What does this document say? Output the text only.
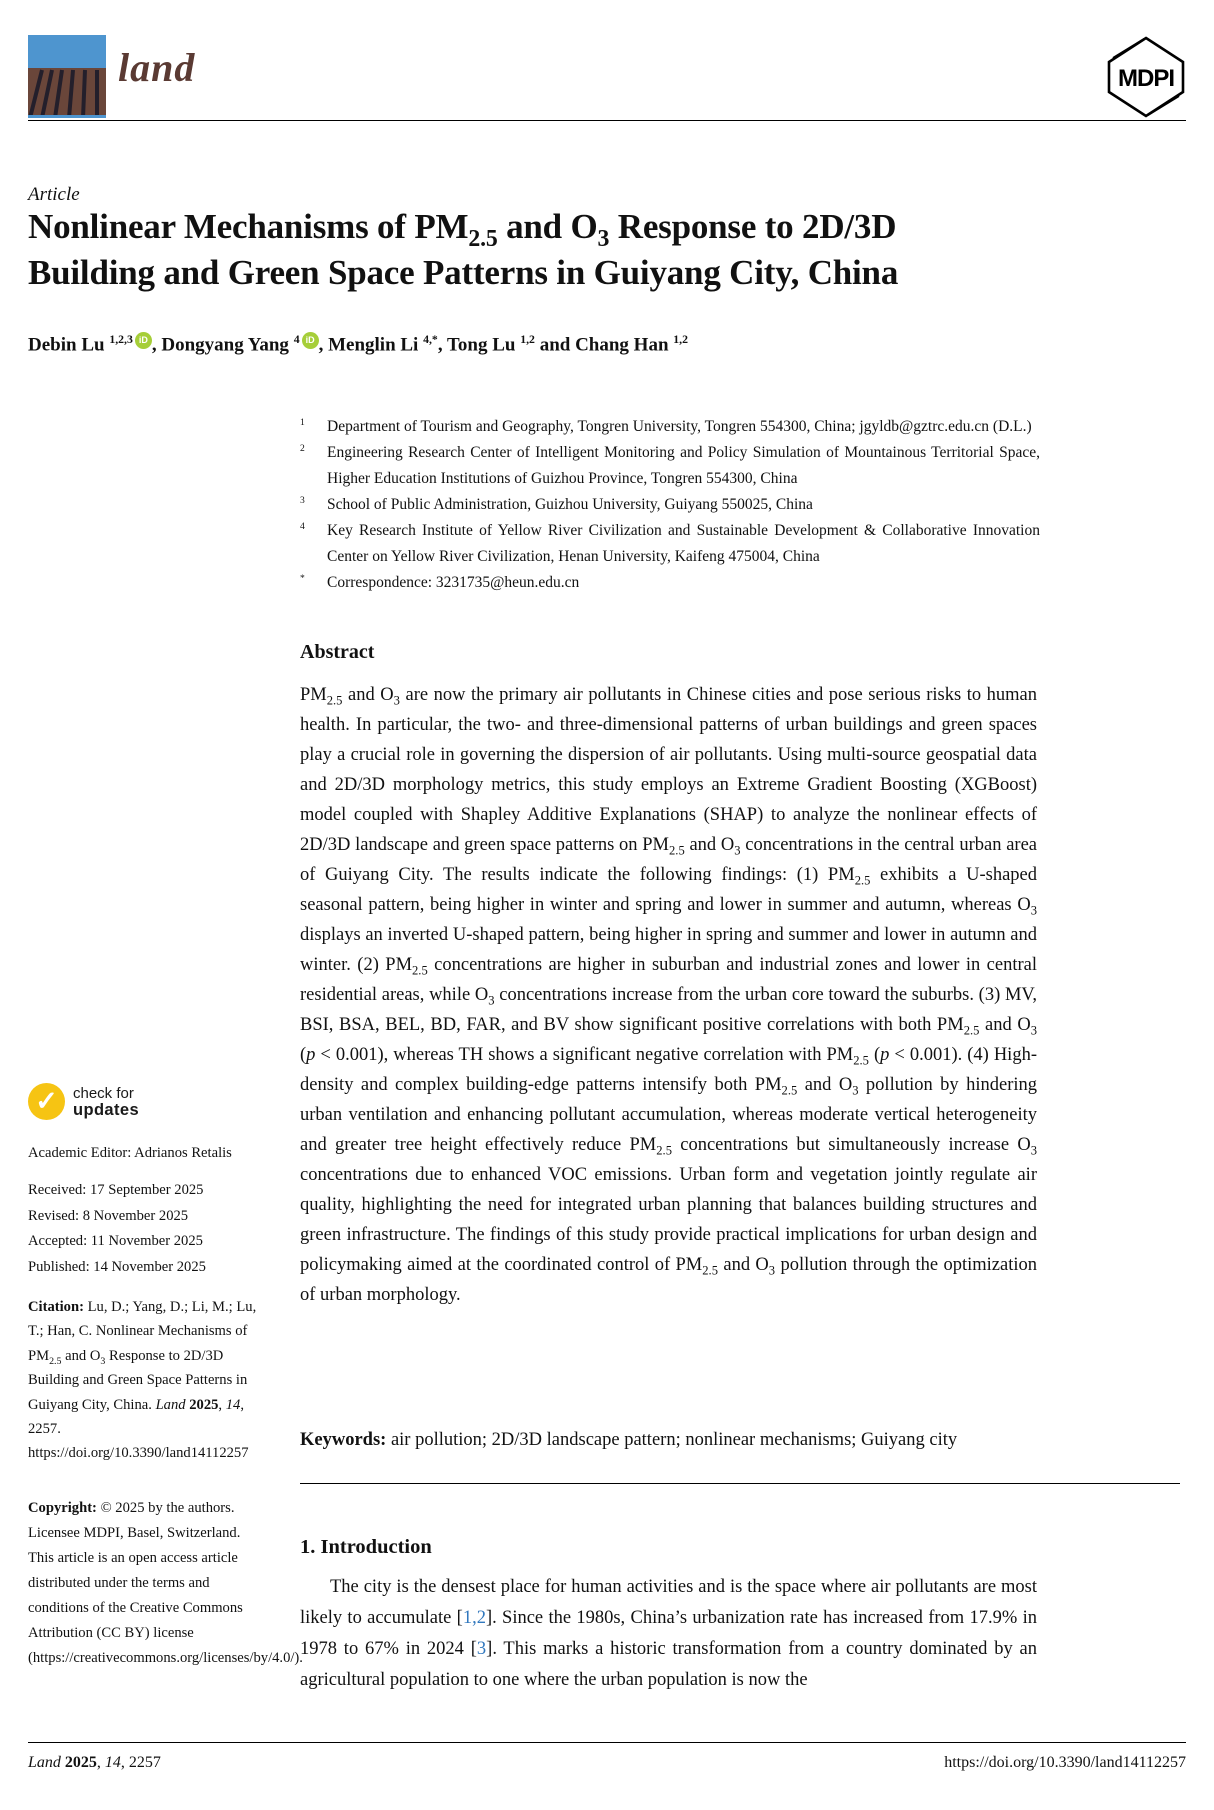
land	MDPI
Article
Nonlinear Mechanisms of $PM_{2.5}$ and $O_3$ Response to 2D/3D
Building and Green Space Patterns in Guiyang City, China
Debin Lu $^{1,2,3}$ iD , Dongyang Yang $^4$ iD , Menglin Li $^{4,*}$, Tong Lu $^{1,2}$ and Chang Han $^{1,2}$
1	Department of Tourism and Geography, Tongren University, Tongren 554300, China; jgyldb@gztrc.edu.cn (D.L.)
2	Engineering Research Center of Intelligent Monitoring and Policy Simulation of Mountainous Territorial Space, Higher Education Institutions of Guizhou Province, Tongren 554300, China
3	School of Public Administration, Guizhou University, Guiyang 550025, China
4	Key Research Institute of Yellow River Civilization and Sustainable Development & Collaborative Innovation Center on Yellow River Civilization, Henan University, Kaifeng 475004, China
*	Correspondence: 3231735@heun.edu.cn
Abstract
$PM_{2.5}$ and $O_3$ are now the primary air pollutants in Chinese cities and pose serious risks to human health. In particular, the two- and three-dimensional patterns of urban buildings and green spaces play a crucial role in governing the dispersion of air pollutants. Using multi-source geospatial data and 2D/3D morphology metrics, this study employs an Extreme Gradient Boosting (XGBoost) model coupled with Shapley Additive Explanations (SHAP) to analyze the nonlinear effects of 2D/3D landscape and green space patterns on $PM_{2.5}$ and $O_3$ concentrations in the central urban area of Guiyang City. The results indicate the following findings: (1) $PM_{2.5}$ exhibits a U-shaped seasonal pattern, being higher in winter and spring and lower in summer and autumn, whereas $O_3$ displays an inverted U-shaped pattern, being higher in spring and summer and lower in autumn and winter. (2) $PM_{2.5}$ concentrations are higher in suburban and industrial zones and lower in central residential areas, while $O_3$ concentrations increase from the urban core toward the suburbs. (3) MV, BSI, BSA, BEL, BD, FAR, and BV show significant positive correlations with both $PM_{2.5}$ and $O_3$ (p < 0.001), whereas TH shows a significant negative correlation with $PM_{2.5}$ (p < 0.001). (4) High-density and complex building-edge patterns intensify both $PM_{2.5}$ and $O_3$ pollution by hindering urban ventilation and enhancing pollutant accumulation, whereas moderate vertical heterogeneity and greater tree height effectively reduce $PM_{2.5}$ concentrations but simultaneously increase $O_3$ concentrations due to enhanced VOC emissions. Urban form and vegetation jointly regulate air quality, highlighting the need for integrated urban planning that balances building structures and green infrastructure. The findings of this study provide practical implications for urban design and policymaking aimed at the coordinated control of $PM_{2.5}$ and $O_3$ pollution through the optimization of urban morphology.
Keywords: air pollution; 2D/3D landscape pattern; nonlinear mechanisms; Guiyang city
1. Introduction
The city is the densest place for human activities and is the space where air pollutants are most likely to accumulate [1,2]. Since the 1980s, China’s urbanization rate has increased from 17.9% in 1978 to 67% in 2024 [3]. This marks a historic transformation from a country dominated by an agricultural population to one where the urban population is now the
✓	check for
updates
Academic Editor: Adrianos Retalis
Received: 17 September 2025
Revised: 8 November 2025
Accepted: 11 November 2025
Published: 14 November 2025
Citation: Lu, D.; Yang, D.; Li, M.; Lu, T.; Han, C. Nonlinear Mechanisms of $PM_{2.5}$ and $O_3$ Response to 2D/3D Building and Green Space Patterns in Guiyang City, China. Land 2025, 14, 2257. https://doi.org/10.3390/land14112257
Copyright: © 2025 by the authors. Licensee MDPI, Basel, Switzerland. This article is an open access article distributed under the terms and conditions of the Creative Commons Attribution (CC BY) license (https://creativecommons.org/licenses/by/4.0/).
Land 2025, 14, 2257	https://doi.org/10.3390/land14112257
